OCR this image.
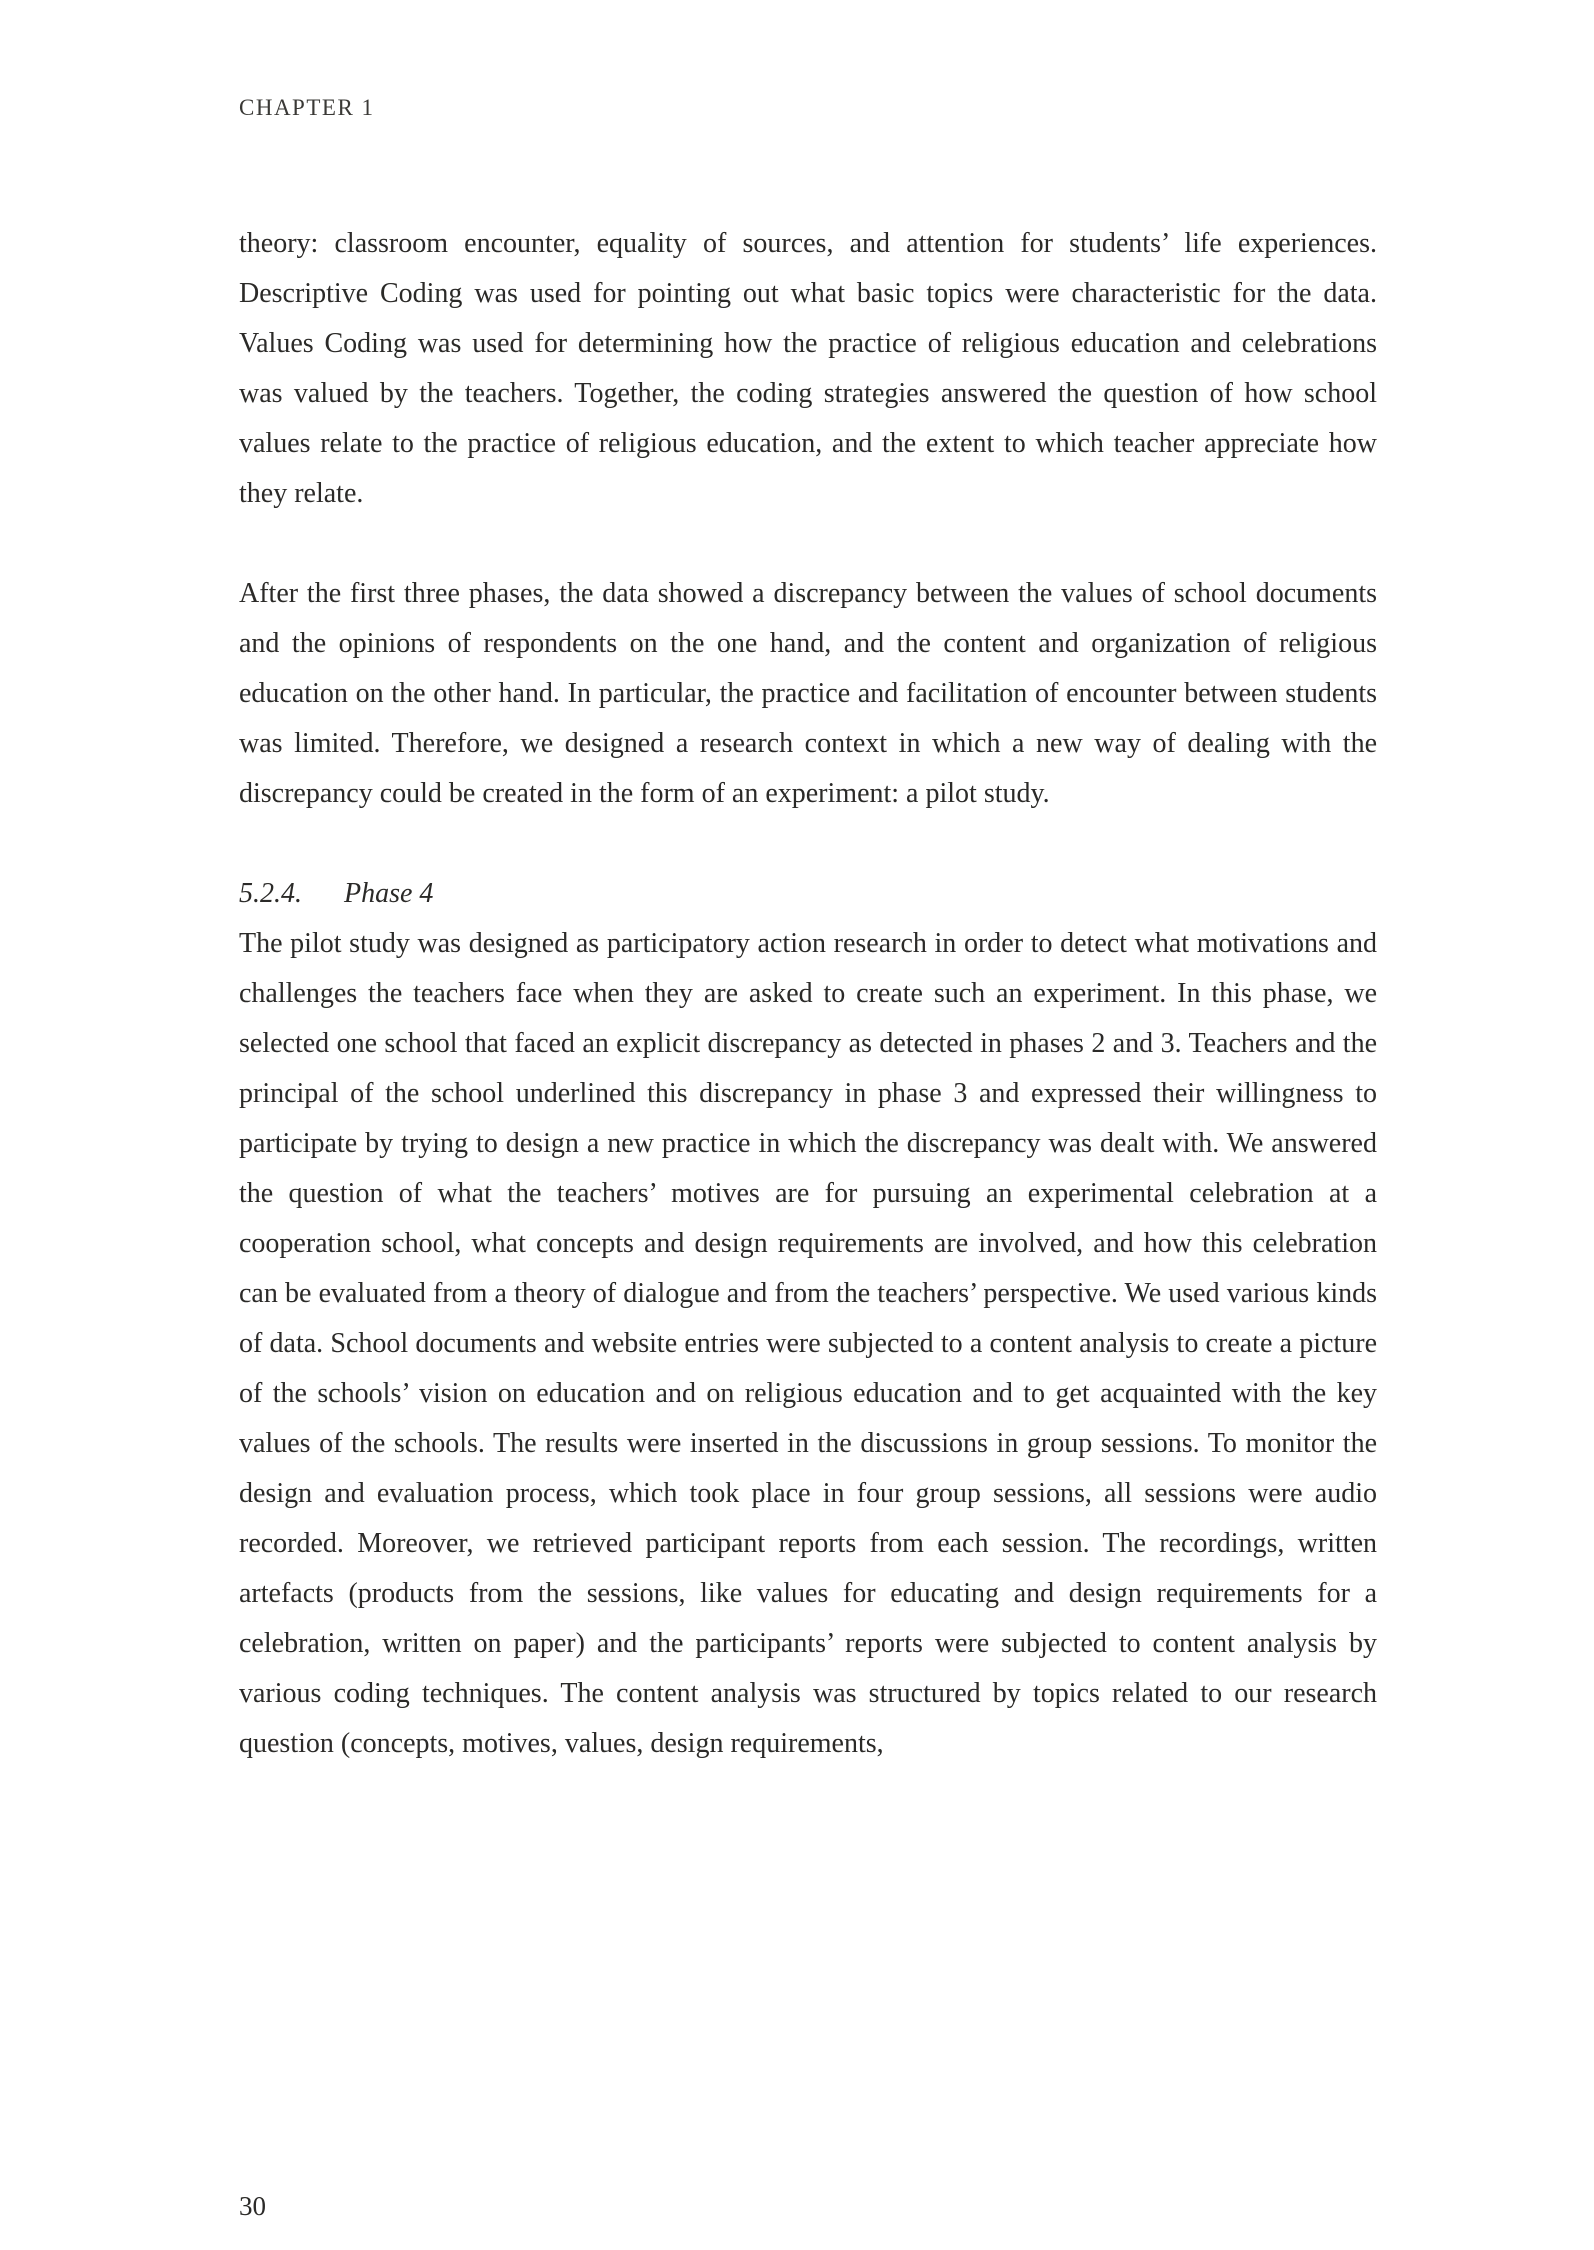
CHAPTER 1

theory: classroom encounter, equality of sources, and attention for students’ life experiences. Descriptive Coding was used for pointing out what basic topics were characteristic for the data. Values Coding was used for determining how the practice of religious education and celebrations was valued by the teachers. Together, the coding strategies answered the question of how school values relate to the practice of religious education, and the extent to which teacher appreciate how they relate.

After the first three phases, the data showed a discrepancy between the values of school documents and the opinions of respondents on the one hand, and the content and organization of religious education on the other hand. In particular, the practice and facilitation of encounter between students was limited. Therefore, we designed a research context in which a new way of dealing with the discrepancy could be created in the form of an experiment: a pilot study.

5.2.4. Phase 4

The pilot study was designed as participatory action research in order to detect what motivations and challenges the teachers face when they are asked to create such an experiment. In this phase, we selected one school that faced an explicit discrepancy as detected in phases 2 and 3. Teachers and the principal of the school underlined this discrepancy in phase 3 and expressed their willingness to participate by trying to design a new practice in which the discrepancy was dealt with. We answered the question of what the teachers’ motives are for pursuing an experimental celebration at a cooperation school, what concepts and design requirements are involved, and how this celebration can be evaluated from a theory of dialogue and from the teachers’ perspective. We used various kinds of data. School documents and website entries were subjected to a content analysis to create a picture of the schools’ vision on education and on religious education and to get acquainted with the key values of the schools. The results were inserted in the discussions in group sessions. To monitor the design and evaluation process, which took place in four group sessions, all sessions were audio recorded. Moreover, we retrieved participant reports from each session. The recordings, written artefacts (products from the sessions, like values for educating and design requirements for a celebration, written on paper) and the participants’ reports were subjected to content analysis by various coding techniques. The content analysis was structured by topics related to our research question (concepts, motives, values, design requirements,

30
